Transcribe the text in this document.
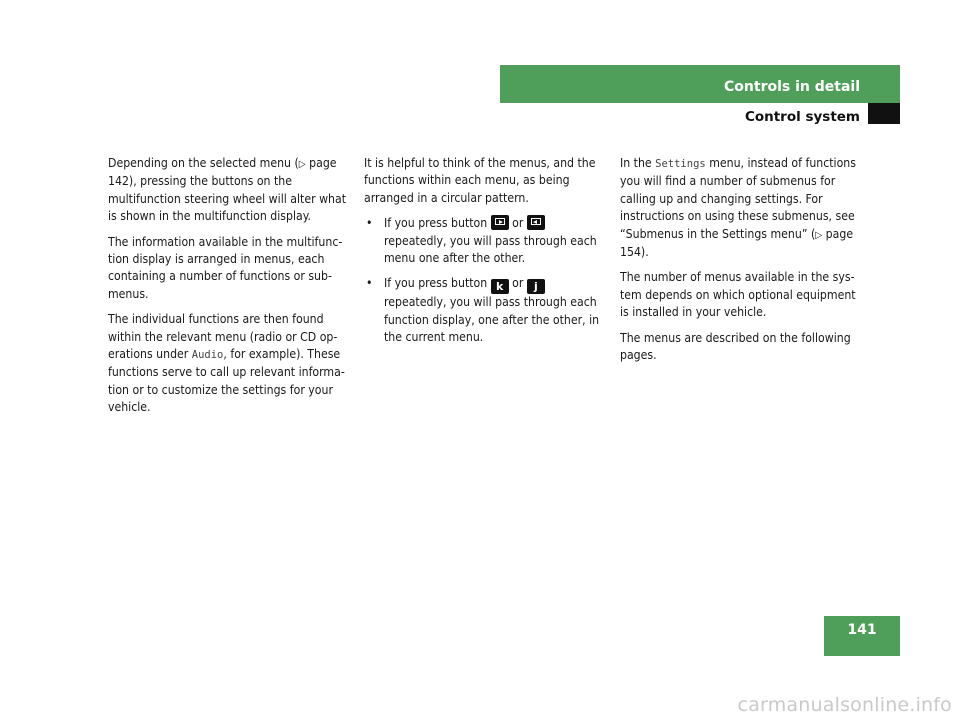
Controls in detail
Control system

Depending on the selected menu (▷ page 142), pressing the buttons on the multifunction steering wheel will alter what is shown in the multifunction display.

The information available in the multifunc-tion display is arranged in menus, each containing a number of functions or sub-menus.

The individual functions are then found within the relevant menu (radio or CD op-erations under Audio, for example). These functions serve to call up relevant informa-tion or to customize the settings for your vehicle.

It is helpful to think of the menus, and the functions within each menu, as being arranged in a circular pattern.

• If you press button
or
repeatedly, you will pass through each menu one after the other.
• If you press button k or j repeatedly, you will pass through each function display, one after the other, in the current menu.

In the Settings menu, instead of functions you will find a number of submenus for calling up and changing settings. For instructions on using these submenus, see “Submenus in the Settings menu” (▷ page 154).

The number of menus available in the sys-tem depends on which optional equipment is installed in your vehicle.

The menus are described on the following pages.

141
carmanualsonline.info
